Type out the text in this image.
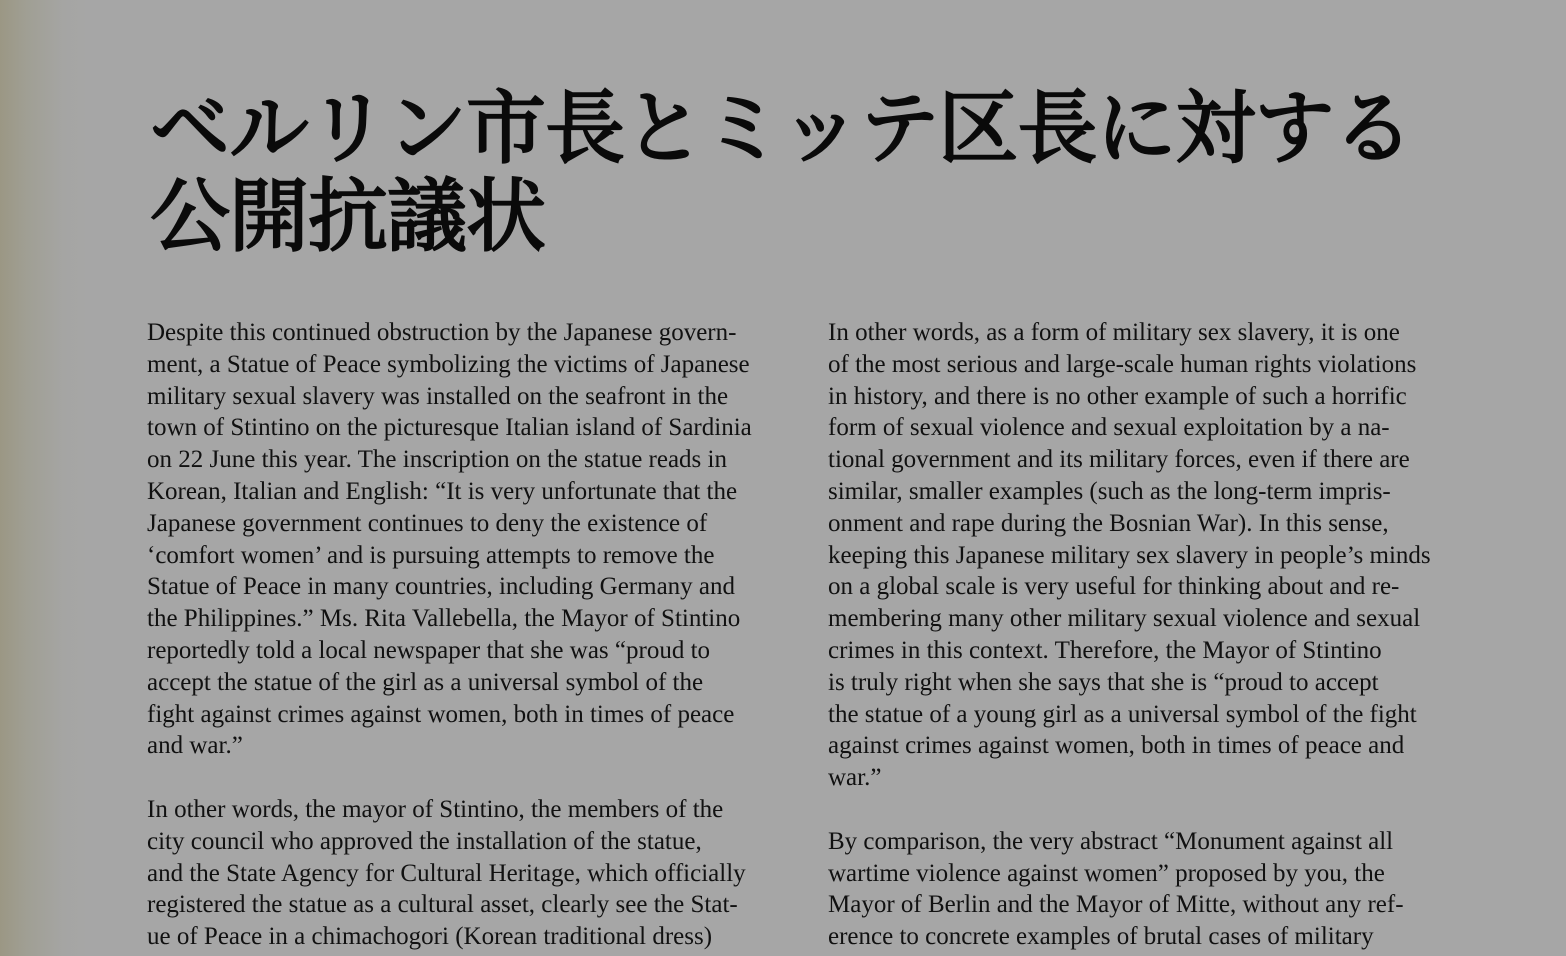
ベルリン市長とミッテ区長に対する
公開抗議状
Despite this continued obstruction by the Japanese govern-
ment, a Statue of Peace symbolizing the victims of Japanese
military sexual slavery was installed on the seafront in the
town of Stintino on the picturesque Italian island of Sardinia
on 22 June this year. The inscription on the statue reads in
Korean, Italian and English: “It is very unfortunate that the
Japanese government continues to deny the existence of
‘comfort women’ and is pursuing attempts to remove the
Statue of Peace in many countries, including Germany and
the Philippines.” Ms. Rita Vallebella, the Mayor of Stintino
reportedly told a local newspaper that she was “proud to
accept the statue of the girl as a universal symbol of the
fight against crimes against women, both in times of peace
and war.”
In other words, the mayor of Stintino, the members of the
city council who approved the installation of the statue,
and the State Agency for Cultural Heritage, which officially
registered the statue as a cultural asset, clearly see the Stat-
ue of Peace in a chimachogori (Korean traditional dress)
In other words, as a form of military sex slavery, it is one
of the most serious and large-scale human rights violations
in history, and there is no other example of such a horrific
form of sexual violence and sexual exploitation by a na-
tional government and its military forces, even if there are
similar, smaller examples (such as the long-term impris-
onment and rape during the Bosnian War). In this sense,
keeping this Japanese military sex slavery in people’s minds
on a global scale is very useful for thinking about and re-
membering many other military sexual violence and sexual
crimes in this context. Therefore, the Mayor of Stintino
is truly right when she says that she is “proud to accept
the statue of a young girl as a universal symbol of the fight
against crimes against women, both in times of peace and
war.”
By comparison, the very abstract “Monument against all
wartime violence against women” proposed by you, the
Mayor of Berlin and the Mayor of Mitte, without any ref-
erence to concrete examples of brutal cases of military
